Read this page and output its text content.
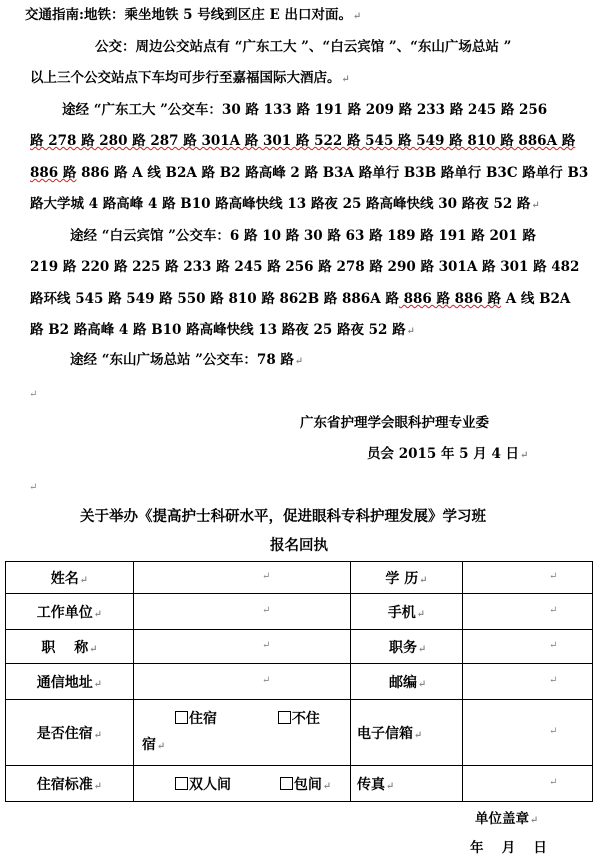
交通指南:地铁：乘坐地铁 5 号线到区庄 E 出口对面。↵
公交：周边公交站点有 “广东工大 ”、“白云宾馆 ”、“东山广场总站 ”
以上三个公交站点下车均可步行至嘉福国际大酒店。↵
途经 “广东工大 ”公交车：30 路 133 路 191 路 209 路 233 路 245 路 256
路 278 路 280 路 287 路 301A 路 301 路 522 路 545 路 549 路 810 路 886A 路
886 路 886 路 A 线 B2A 路 B2 路高峰 2 路 B3A 路单行 B3B 路单行 B3C 路单行 B3
路大学城 4 路高峰 4 路 B10 路高峰快线 13 路夜 25 路高峰快线 30 路夜 52 路↵
途经 “白云宾馆 ”公交车：6 路 10 路 30 路 63 路 189 路 191 路 201 路
219 路 220 路 225 路 233 路 245 路 256 路 278 路 290 路 301A 路 301 路 482
路环线 545 路 549 路 550 路 810 路 862B 路 886A 路 886 路 886 路 A 线 B2A
路 B2 路高峰 4 路 B10 路高峰快线 13 路夜 25 路夜 52 路↵
途经 “东山广场总站 ”公交车：78 路↵
↵
广东省护理学会眼科护理专业委
员会 2015 年 5 月 4 日↵
↵
关于举办《提高护士科研水平，促进眼科专科护理发展》学习班
报名回执
姓名↵	↵	学 历↵	↵

工作单位↵	↵	手机↵	↵

职　 称↵	↵	职务↵	↵

通信地址↵	↵	邮编↵	↵

是否住宿↵	住宿 不住
宿↵	电子信箱↵	↵

住宿标准↵	双人间 包间↵	传真↵	↵
单位盖章↵
年　 月　 日
